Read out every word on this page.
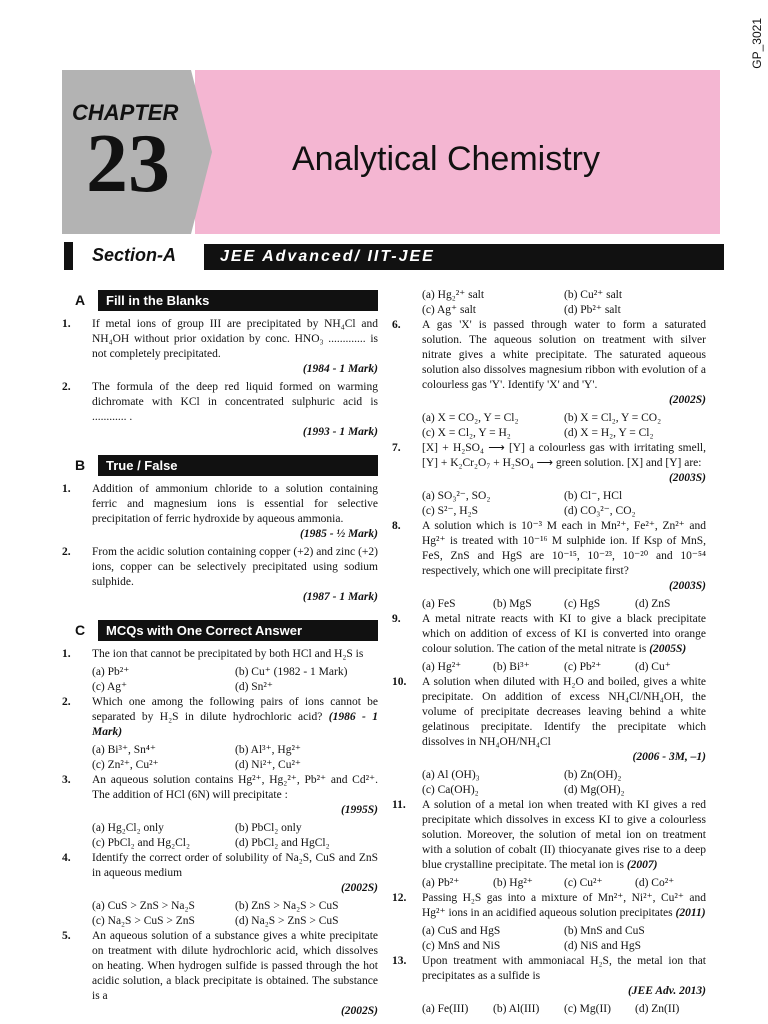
GP_3021
CHAPTER
23	Analytical Chemistry
Section-A	JEE Advanced/ IIT-JEE
A	Fill in the Blanks
1.	If metal ions of group III are precipitated by NH₄Cl and NH₄OH without prior oxidation by conc. HNO₃ ............. is not completely precipitated.
(1984 - 1 Mark)
2.	The formula of the deep red liquid formed on warming dichromate with KCl in concentrated sulphuric acid is ............ .
(1993 - 1 Mark)
B	True / False
1.	Addition of ammonium chloride to a solution containing ferric and magnesium ions is essential for selective precipitation of ferric hydroxide by aqueous ammonia.
(1985 - ½ Mark)
2.	From the acidic solution containing copper (+2) and zinc (+2) ions, copper can be selectively precipitated using sodium sulphide.
(1987 - 1 Mark)
C	MCQs with One Correct Answer
1.	The ion that cannot be precipitated by both HCl and H₂S is
(a) Pb²⁺	(b) Cu⁺ (1982 - 1 Mark)
(c) Ag⁺	(d) Sn²⁺
2.	Which one among the following pairs of ions cannot be separated by H₂S in dilute hydrochloric acid? (1986 - 1 Mark)
(a) Bi³⁺, Sn⁴⁺	(b) Al³⁺, Hg²⁺
(c) Zn²⁺, Cu²⁺	(d) Ni²⁺, Cu²⁺
3.	An aqueous solution contains Hg²⁺, Hg₂²⁺, Pb²⁺ and Cd²⁺. The addition of HCl (6N) will precipitate :
(1995S)
(a) Hg₂Cl₂ only	(b) PbCl₂ only
(c) PbCl₂ and Hg₂Cl₂	(d) PbCl₂ and HgCl₂
4.	Identify the correct order of solubility of Na₂S, CuS and ZnS in aqueous medium
(2002S)
(a) CuS > ZnS > Na₂S	(b) ZnS > Na₂S > CuS
(c) Na₂S > CuS > ZnS	(d) Na₂S > ZnS > CuS
5.	An aqueous solution of a substance gives a white precipitate on treatment with dilute hydrochloric acid, which dissolves on heating. When hydrogen sulfide is passed through the hot acidic solution, a black precipitate is obtained. The substance is a
(2002S)
(a) Hg₂²⁺ salt	(b) Cu²⁺ salt
(c) Ag⁺ salt	(d) Pb²⁺ salt
6.	A gas 'X' is passed through water to form a saturated solution. The aqueous solution on treatment with silver nitrate gives a white precipitate. The saturated aqueous solution also dissolves magnesium ribbon with evolution of a colourless gas 'Y'. Identify 'X' and 'Y'.
(2002S)
(a) X = CO₂, Y = Cl₂	(b) X = Cl₂, Y = CO₂
(c) X = Cl₂, Y = H₂	(d) X = H₂, Y = Cl₂
7.	[X] + H₂SO₄ ⟶ [Y] a colourless gas with irritating smell, [Y] + K₂Cr₂O₇ + H₂SO₄ ⟶ green solution. [X] and [Y] are:
(2003S)
(a) SO₃²⁻, SO₂	(b) Cl⁻, HCl
(c) S²⁻, H₂S	(d) CO₃²⁻, CO₂
8.	A solution which is 10⁻³ M each in Mn²⁺, Fe²⁺, Zn²⁺ and Hg²⁺ is treated with 10⁻¹⁶ M sulphide ion. If Ksp of MnS, FeS, ZnS and HgS are 10⁻¹⁵, 10⁻²³, 10⁻²⁰ and 10⁻⁵⁴ respectively, which one will precipitate first?
(2003S)
(a) FeS	(b) MgS	(c) HgS	(d) ZnS
9.	A metal nitrate reacts with KI to give a black precipitate which on addition of excess of KI is converted into orange colour solution. The cation of the metal nitrate is (2005S)
(a) Hg²⁺	(b) Bi³⁺	(c) Pb²⁺	(d) Cu⁺
10.	A solution when diluted with H₂O and boiled, gives a white precipitate. On addition of excess NH₄Cl/NH₄OH, the volume of precipitate decreases leaving behind a white gelatinous precipitate. Identify the precipitate which dissolves in NH₄OH/NH₄Cl
(2006 - 3M, –1)
(a) Al (OH)₃	(b) Zn(OH)₂
(c) Ca(OH)₂	(d) Mg(OH)₂
11.	A solution of a metal ion when treated with KI gives a red precipitate which dissolves in excess KI to give a colourless solution. Moreover, the solution of metal ion on treatment with a solution of cobalt (II) thiocyanate gives rise to a deep blue crystalline precipitate. The metal ion is (2007)
(a) Pb²⁺	(b) Hg²⁺	(c) Cu²⁺	(d) Co²⁺
12.	Passing H₂S gas into a mixture of Mn²⁺, Ni²⁺, Cu²⁺ and Hg²⁺ ions in an acidified aqueous solution precipitates (2011)
(a) CuS and HgS	(b) MnS and CuS
(c) MnS and NiS	(d) NiS and HgS
13.	Upon treatment with ammoniacal H₂S, the metal ion that precipitates as a sulfide is
(JEE Adv. 2013)
(a) Fe(III)	(b) Al(III)	(c) Mg(II)	(d) Zn(II)
